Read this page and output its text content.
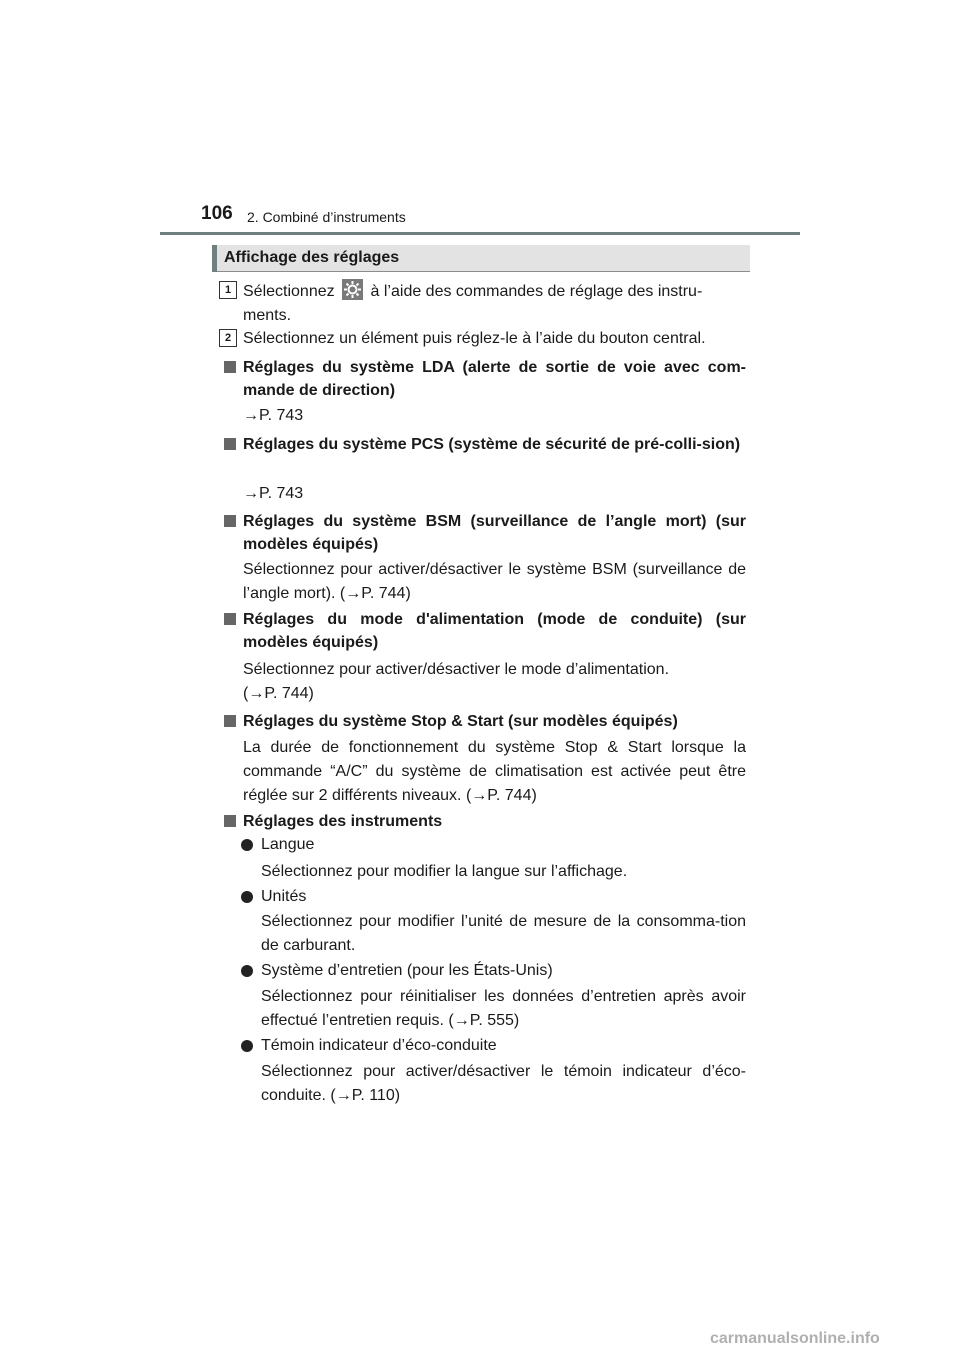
106 2. Combiné d’instruments
Affichage des réglages
1 Sélectionnez à l’aide des commandes de réglage des instru-
ments.
2 Sélectionnez un élément puis réglez-le à l’aide du bouton central.
Réglages du système LDA (alerte de sortie de voie avec com-mande de direction)
→P. 743
Réglages du système PCS (système de sécurité de pré-colli-sion)
→P. 743
Réglages du système BSM (surveillance de l’angle mort) (sur modèles équipés)
Sélectionnez pour activer/désactiver le système BSM (surveillance de l’angle mort). (→P. 744)
Réglages du mode d'alimentation (mode de conduite) (sur modèles équipés)
Sélectionnez pour activer/désactiver le mode d’alimentation.
(→P. 744)
Réglages du système Stop & Start (sur modèles équipés)
La durée de fonctionnement du système Stop & Start lorsque la commande “A/C” du système de climatisation est activée peut être réglée sur 2 différents niveaux. (→P. 744)
Réglages des instruments
Langue
Sélectionnez pour modifier la langue sur l’affichage.
Unités
Sélectionnez pour modifier l’unité de mesure de la consomma-tion de carburant.
Système d’entretien (pour les États-Unis)
Sélectionnez pour réinitialiser les données d’entretien après avoir effectué l’entretien requis. (→P. 555)
Témoin indicateur d’éco-conduite
Sélectionnez pour activer/désactiver le témoin indicateur d’éco-conduite. (→P. 110)
carmanualsonline.info
